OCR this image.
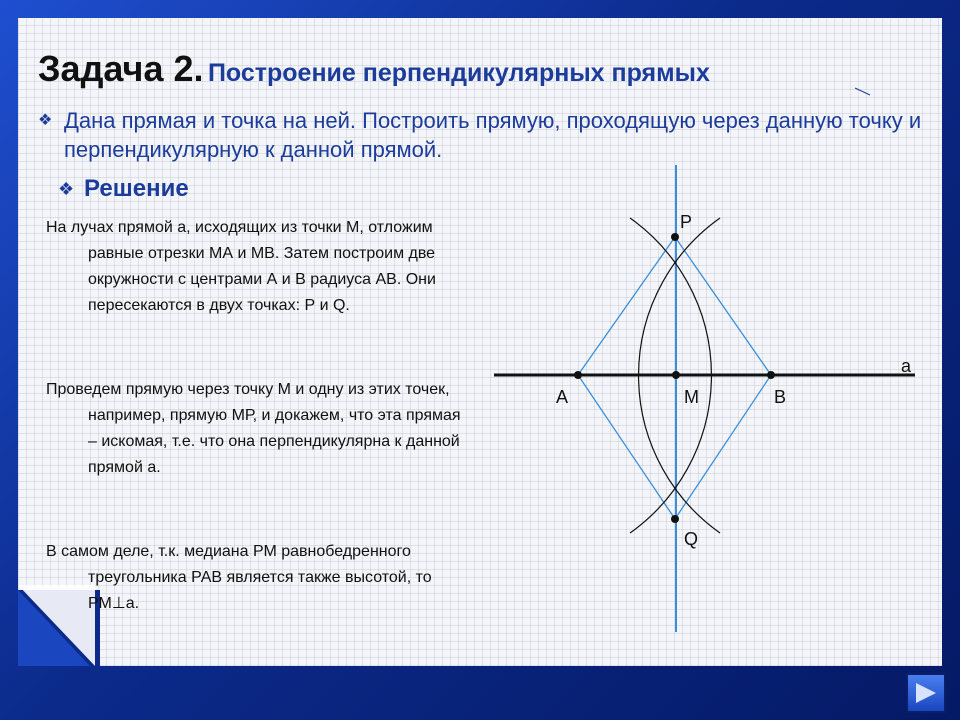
Задача 2. Построение перпендикулярных прямых
❖ Дана прямая и точка на ней. Построить прямую, проходящую через данную точку и перпендикулярную к данной прямой.

❖ Решение

На лучах прямой а, исходящих из точки М, отложим равные отрезки МА и МВ. Затем построим две окружности с центрами А и В радиуса АВ. Они пересекаются в двух точках: Р и Q.

Проведем прямую через точку М и одну из этих точек, например, прямую МР, и докажем, что эта прямая – искомая, т.е. что она перпендикулярна к данной прямой а.

В самом деле, т.к. медиана РМ равнобедренного треугольника РАВ является также высотой, то РМ⊥а.

P
Q
A	M	B
a
